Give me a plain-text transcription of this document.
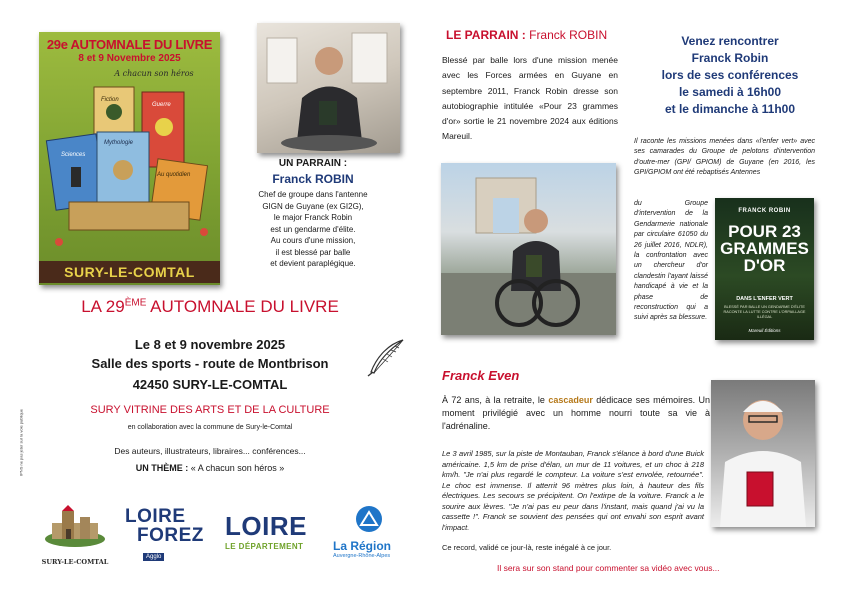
29e AUTOMNALE DU LIVRE
8 et 9 Novembre 2025
A chacun son héros
Fiction
Sciences
Mythologie
Guerre
Au quotidien
SURY-LE-COMTAL
UN PARRAIN :
Franck ROBIN
Chef de groupe dans l'antenne
GIGN de Guyane (ex GI2G),
le major Franck Robin
est un gendarme d'élite.
Au cours d'une mission,
il est blessé par balle
et devient paraplégique.
LA 29ÈME AUTOMNALE DU LIVRE
Le 8 et 9 novembre 2025
Salle des sports - route de Montbrison
42450 SURY-LE-COMTAL
SURY VITRINE DES ARTS ET DE LA CULTURE
en collaboration avec la commune de Sury-le-Comtal
Des auteurs, illustrateurs, libraires... conférences...
UN THÈME : « A chacun son héros »
IPNS ne pas jeter sur la voie publique
SURY-LE-COMTAL
LOIRE
FOREZ
Agglo
LOIRE
LE DÉPARTEMENT	La Région
Auvergne-Rhône-Alpes
LE PARRAIN : Franck ROBIN
Blessé par balle lors d'une mission menée avec les Forces armées en Guyane en septembre 2011, Franck Robin dresse son autobiographie intitulée «Pour 23 grammes d'or» sortie le 21 novembre 2024 aux éditions Mareuil.
Venez rencontrer
Franck Robin
lors de ses conférences
le samedi à 16h00
et le dimanche à 11h00
Il raconte les missions menées dans «l'enfer vert» avec ses camarades du Groupe de pelotons d'intervention d'outre-mer (GPI/ GPIOM) de Guyane (en 2016, les GPI/GPIOM ont été rebaptisés Antennes
du Groupe d'intervention de la Gendarmerie nationale par circulaire 61050 du 26 juillet 2016, NDLR), la confrontation avec un chercheur d'or clandestin l'ayant laissé handicapé à vie et la phase de reconstruction qui a suivi après sa blessure.
FRANCK ROBIN
POUR 23
GRAMMES
D'OR
DANS L'ENFER VERT
BLESSÉ PAR BALLE UN GENDARME D'ÉLITE RACONTE LA LUTTE CONTRE L'ORPAILLAGE ILLÉGAL
Mareuil Éditions
Franck Even
À 72 ans, à la retraite, le cascadeur dédicace ses mémoires. Un moment privilégié avec un homme nourri toute sa vie à l'adrénaline.
Le 3 avril 1985, sur la piste de Montauban, Franck s'élance à bord d'une Buick américaine. 1,5 km de prise d'élan, un mur de 11 voitures, et un choc à 218 km/h. "Je n'ai plus regardé le compteur. La voiture s'est envolée, retournée". Le choc est immense. Il atterrit 96 mètres plus loin, à hauteur des fils électriques. Les secours se précipitent. On l'extirpe de la voiture. Franck a le sourire aux lèvres. "Je n'ai pas eu peur dans l'instant, mais quand j'ai vu la cassette !". Franck se souvient des pensées qui ont envahi son esprit avant l'impact.
Ce record, validé ce jour-là, reste inégalé à ce jour.
Il sera sur son stand pour commenter sa vidéo avec vous...
